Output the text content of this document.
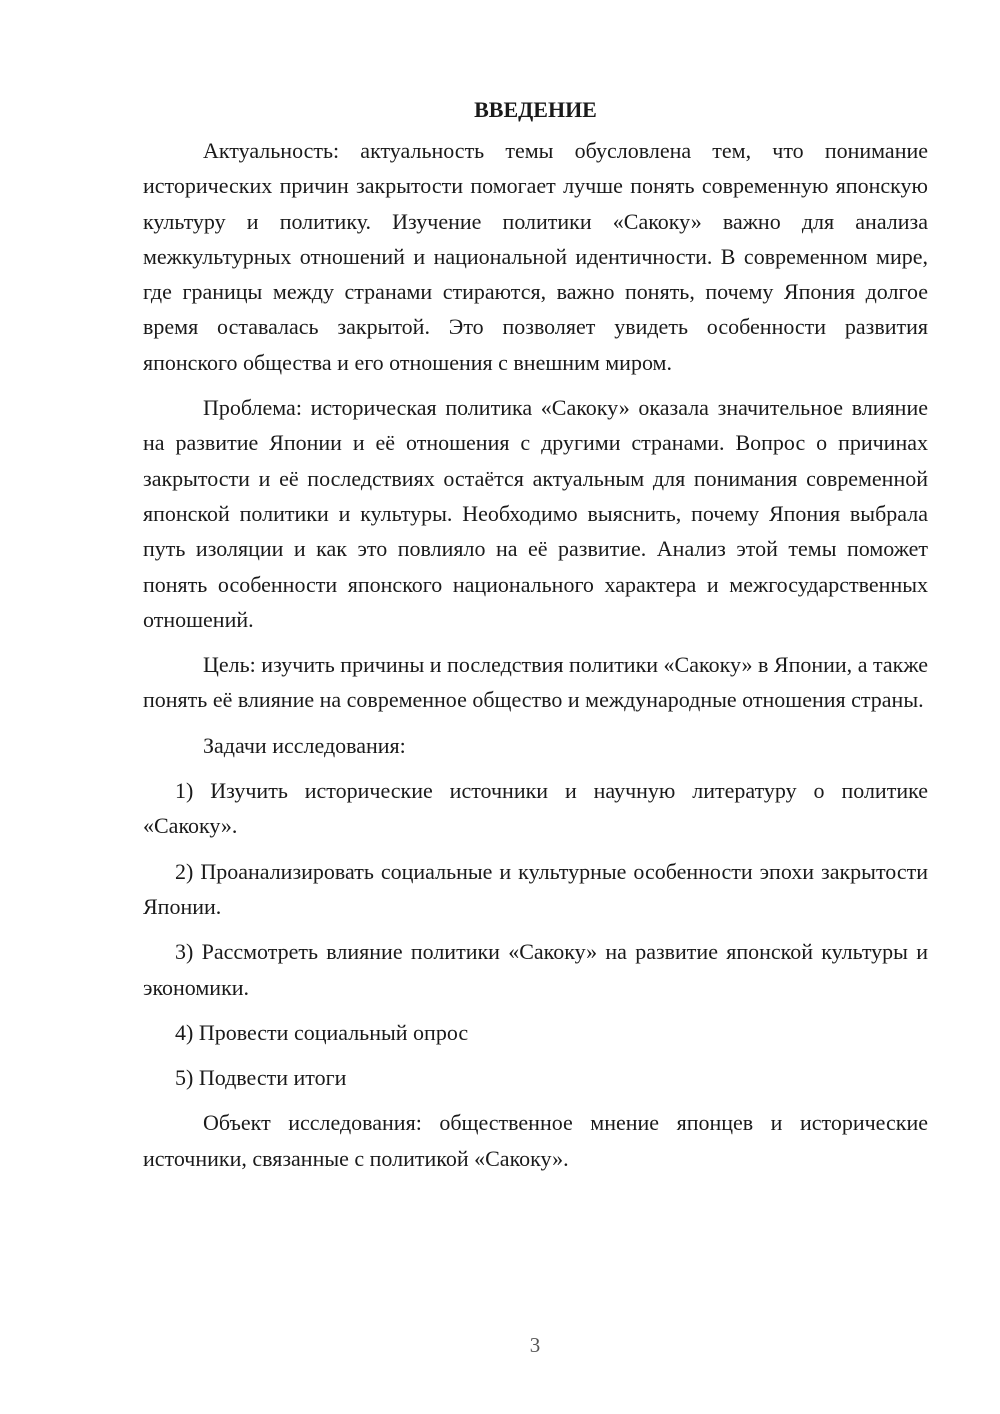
ВВЕДЕНИЕ

Актуальность: актуальность темы обусловлена тем, что понимание исторических причин закрытости помогает лучше понять современную японскую культуру и политику. Изучение политики «Сакоку» важно для анализа межкультурных отношений и национальной идентичности. В современном мире, где границы между странами стираются, важно понять, почему Япония долгое время оставалась закрытой. Это позволяет увидеть особенности развития японского общества и его отношения с внешним миром.

Проблема: историческая политика «Сакоку» оказала значительное влияние на развитие Японии и её отношения с другими странами. Вопрос о причинах закрытости и её последствиях остаётся актуальным для понимания современной японской политики и культуры. Необходимо выяснить, почему Япония выбрала путь изоляции и как это повлияло на её развитие. Анализ этой темы поможет понять особенности японского национального характера и межгосударственных отношений.

Цель: изучить причины и последствия политики «Сакоку» в Японии, а также понять её влияние на современное общество и международные отношения страны.

Задачи исследования:

1) Изучить исторические источники и научную литературу о политике «Сакоку».

2) Проанализировать социальные и культурные особенности эпохи закрытости Японии.

3) Рассмотреть влияние политики «Сакоку» на развитие японской культуры и экономики.

4) Провести социальный опрос

5) Подвести итоги

Объект исследования: общественное мнение японцев и исторические источники, связанные с политикой «Сакоку».

3
